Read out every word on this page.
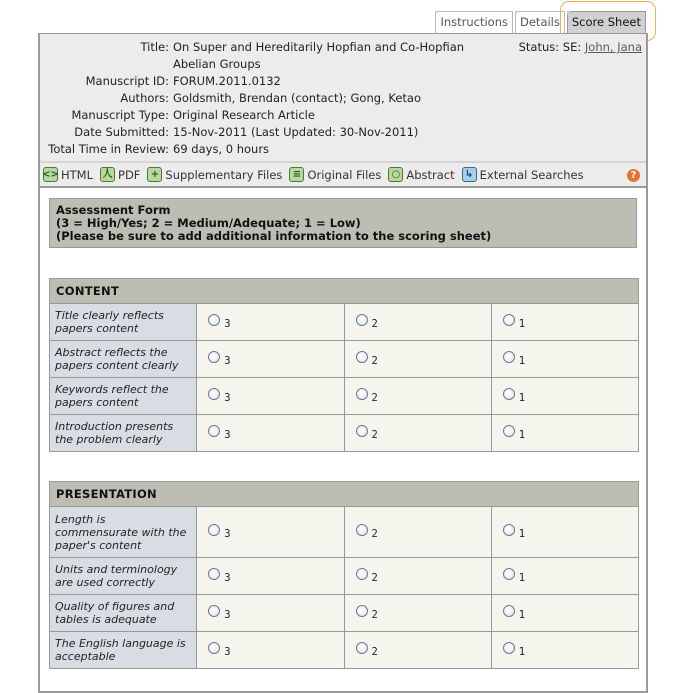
Instructions	Details	Score Sheet
Title: On Super and Hereditarily Hopfian and Co-Hopfian Abelian Groups
Manuscript ID: FORUM.2011.0132
Authors: Goldsmith, Brendan (contact); Gong, Ketao
Manuscript Type: Original Research Article
Date Submitted: 15-Nov-2011 (Last Updated: 30-Nov-2011)
Total Time in Review: 69 days, 0 hours
Status: SE: John, Jana
<> HTML 人 PDF	+ Supplementary Files	≡ Original Files	○ Abstract	↳ External Searches	?
Assessment Form
(3 = High/Yes; 2 = Medium/Adequate; 1 = Low)
(Please be sure to add additional information to the scoring sheet)
CONTENT			
Title clearly reflects papers content	3	2	1
Abstract reflects the papers content clearly	3	2	1
Keywords reflect the papers content	3	2	1
Introduction presents the problem clearly	3	2	1
PRESENTATION			
Length is commensurate with the paper's content	3	2	1
Units and terminology are used correctly	3	2	1
Quality of figures and tables is adequate	3	2	1
The English language is acceptable	3	2	1
